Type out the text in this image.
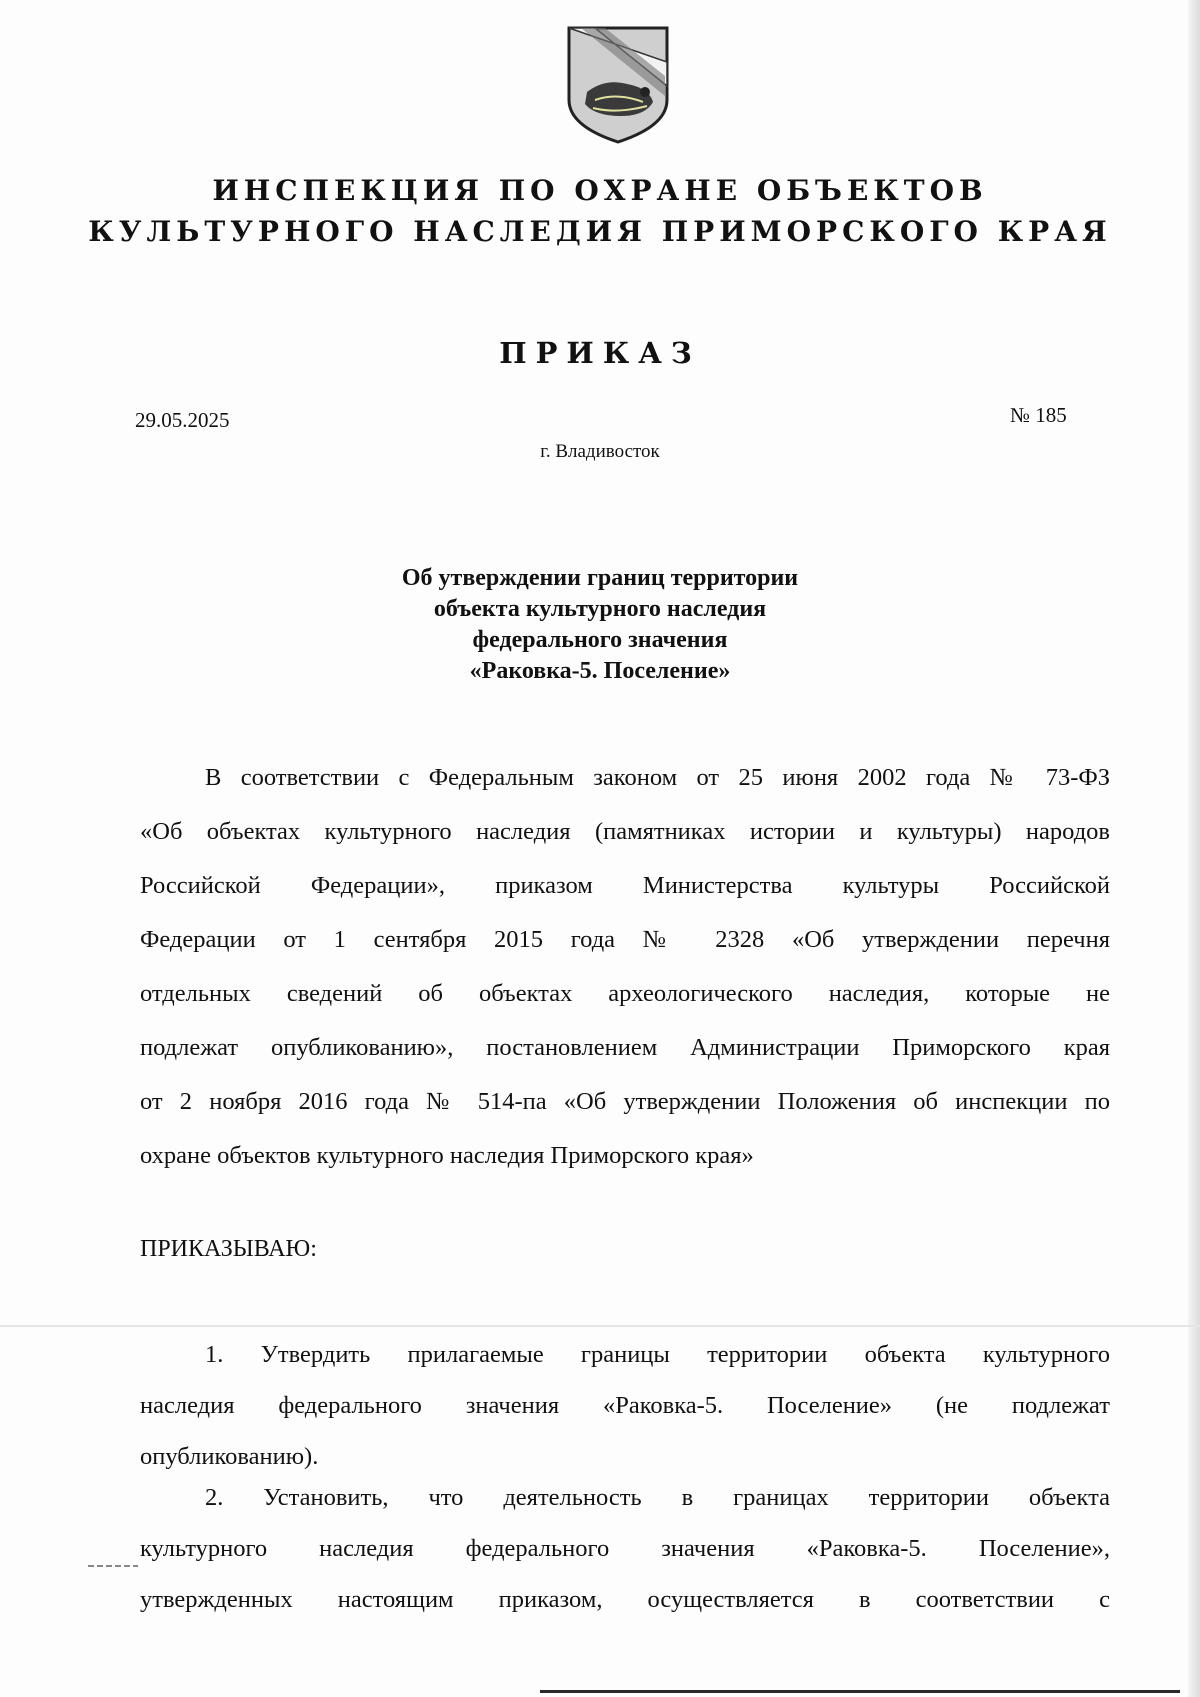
ИНСПЕКЦИЯ ПО ОХРАНЕ ОБЪЕКТОВ
КУЛЬТУРНОГО НАСЛЕДИЯ ПРИМОРСКОГО КРАЯ
ПРИКАЗ
29.05.2025	№ 185
г. Владивосток
Об утверждении границ территории
объекта культурного наследия
федерального значения
«Раковка-5. Поселение»
В соответствии с Федеральным законом от 25 июня 2002 года № 73-ФЗ
«Об объектах культурного наследия (памятниках истории и культуры) народов
Российской Федерации», приказом Министерства культуры Российской
Федерации от 1 сентября 2015 года № 2328 «Об утверждении перечня
отдельных сведений об объектах археологического наследия, которые не
подлежат опубликованию», постановлением Администрации Приморского края
от 2 ноября 2016 года № 514-па «Об утверждении Положения об инспекции по
охране объектов культурного наследия Приморского края»
ПРИКАЗЫВАЮ:
1. Утвердить прилагаемые границы территории объекта культурного
наследия федерального значения «Раковка-5. Поселение» (не подлежат
опубликованию).
2. Установить, что деятельность в границах территории объекта
культурного наследия федерального значения «Раковка-5. Поселение»,
утвержденных настоящим приказом, осуществляется в соответствии с
